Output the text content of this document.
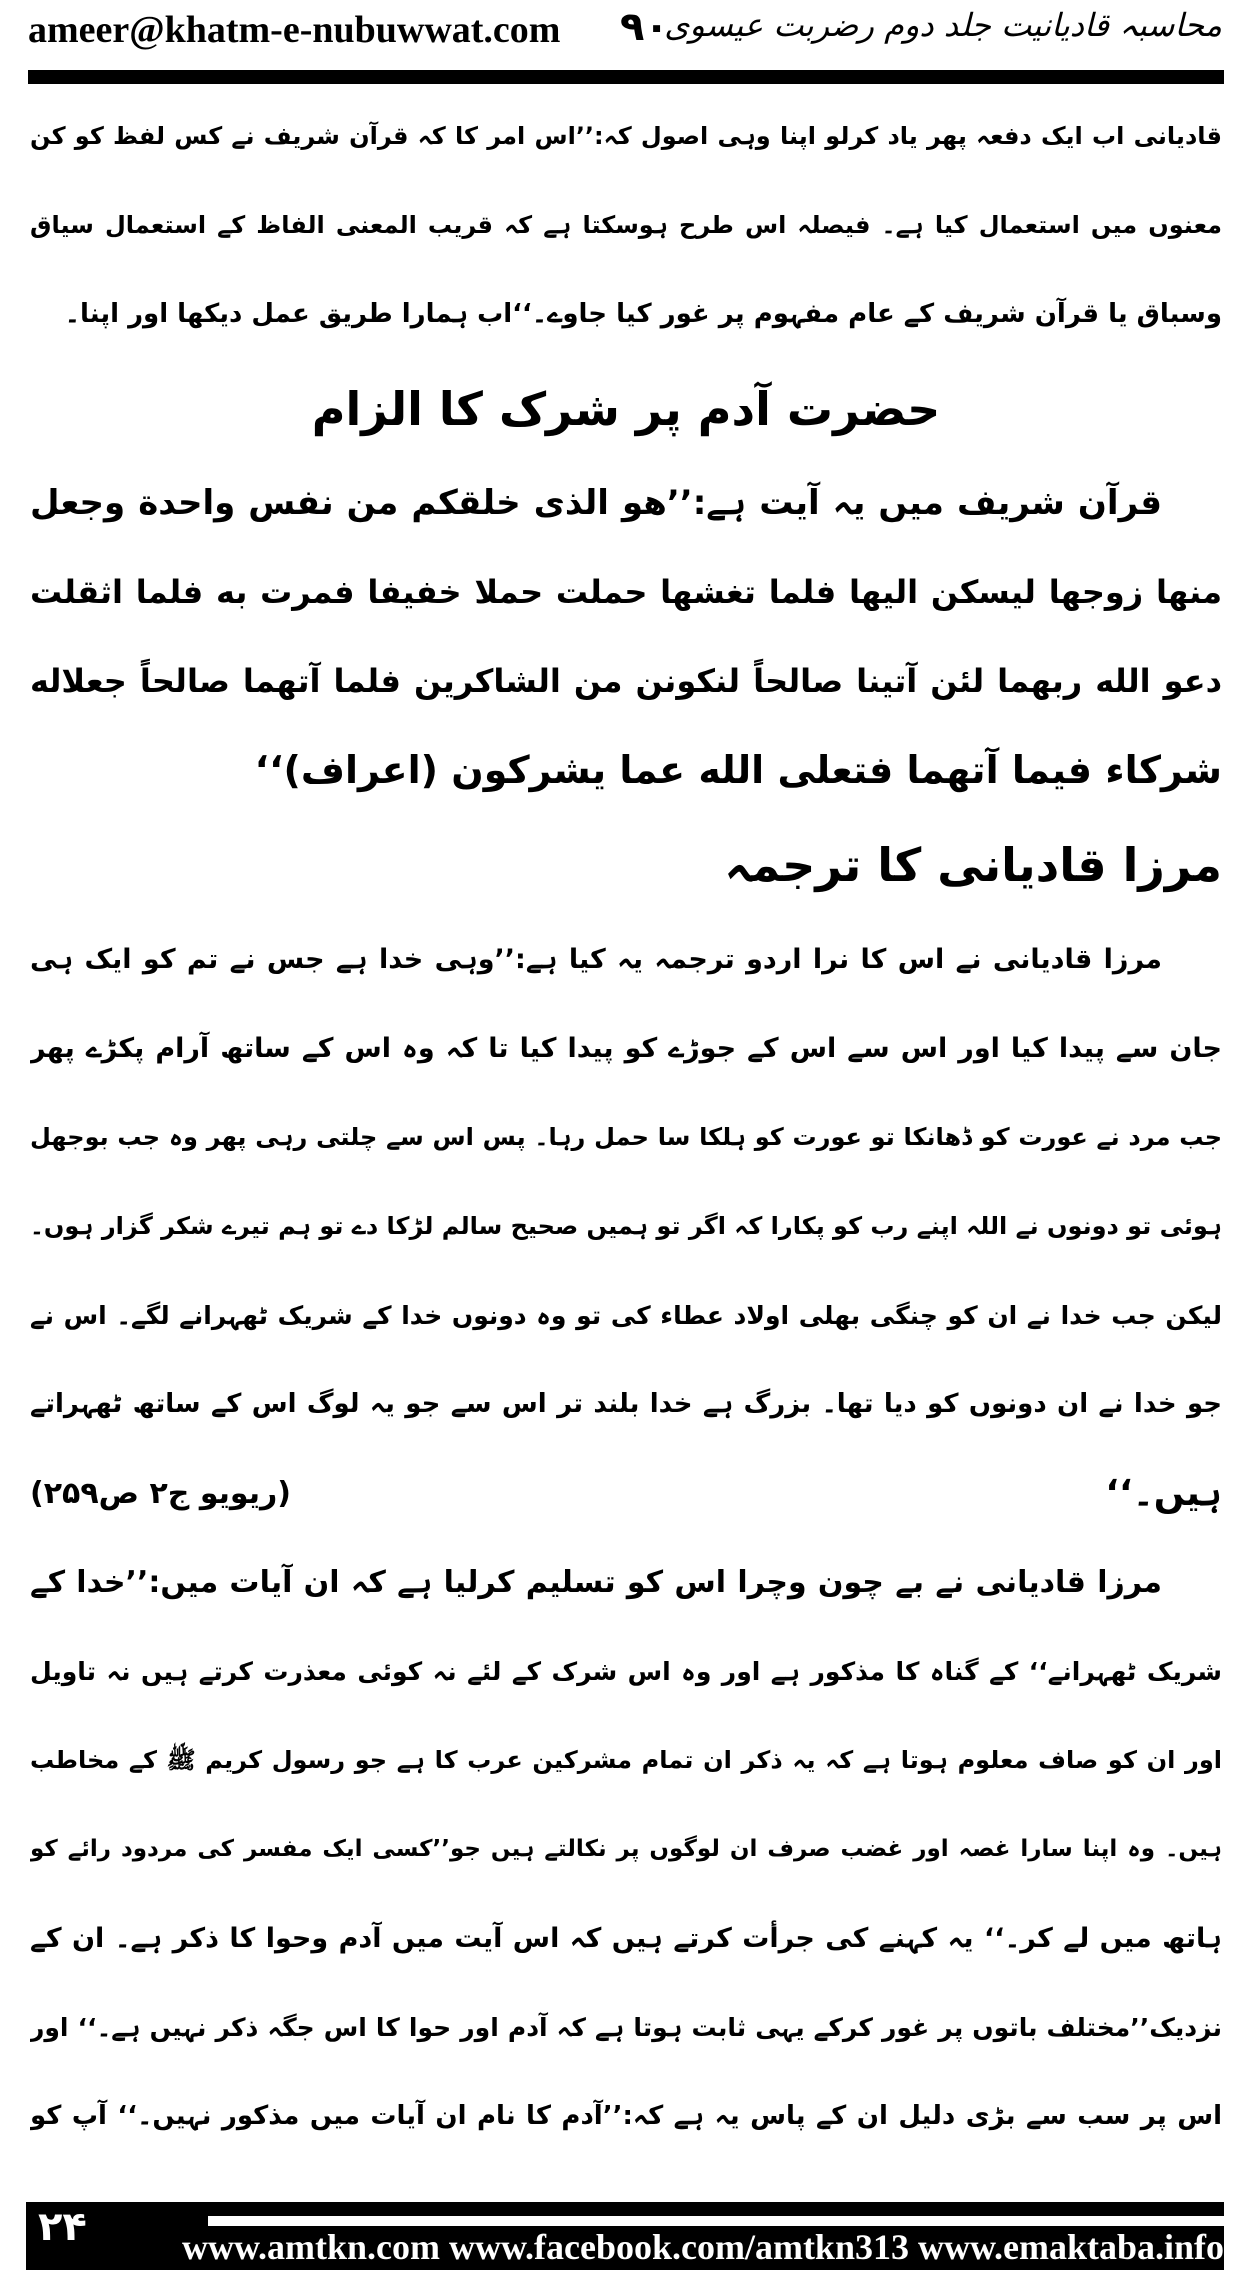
ameer@khatm-e-nubuwwat.com ۹۰
محاسبہ قادیانیت جلد دوم رضربت عیسوی
قادیانی اب ایک دفعہ پھر یاد کرلو اپنا وہی اصول کہ:’’اس امر کا کہ قرآن شریف نے کس لفظ کو کن
معنوں میں استعمال کیا ہے۔ فیصلہ اس طرح ہوسکتا ہے کہ قریب المعنی الفاظ کے استعمال سیاق
وسباق یا قرآن شریف کے عام مفہوم پر غور کیا جاوے۔‘‘اب ہمارا طریق عمل دیکھا اور اپنا۔
حضرت آدم پر شرک کا الزام
قرآن شریف میں یہ آیت ہے:’’هو الذی خلقكم من نفس واحدة وجعل
منها زوجها ليسكن اليها فلما تغشها حملت حملا خفيفا فمرت به فلما اثقلت
دعو الله ربهما لئن آتينا صالحاً لنكونن من الشاكرين فلما آتهما صالحاً جعلاله
شركاء فيما آتهما فتعلى الله عما يشركون (اعراف)‘‘
مرزا قادیانی کا ترجمہ
مرزا قادیانی نے اس کا نرا اردو ترجمہ یہ کیا ہے:’’وہی خدا ہے جس نے تم کو ایک ہی
جان سے پیدا کیا اور اس سے اس کے جوڑے کو پیدا کیا تا کہ وہ اس کے ساتھ آرام پکڑے پھر
جب مرد نے عورت کو ڈھانکا تو عورت کو ہلکا سا حمل رہا۔ پس اس سے چلتی رہی پھر وہ جب بوجھل
ہوئی تو دونوں نے اللہ اپنے رب کو پکارا کہ اگر تو ہمیں صحیح سالم لڑکا دے تو ہم تیرے شکر گزار ہوں۔
لیکن جب خدا نے ان کو چنگی بھلی اولاد عطاء کی تو وہ دونوں خدا کے شریک ٹھہرانے لگے۔ اس نے
جو خدا نے ان دونوں کو دیا تھا۔ بزرگ ہے خدا بلند تر اس سے جو یہ لوگ اس کے ساتھ ٹھہراتے
ہیں۔‘‘
(ریویو ج۲ ص۲۵۹)
مرزا قادیانی نے بے چون وچرا اس کو تسلیم کرلیا ہے کہ ان آیات میں:’’خدا کے
شریک ٹھہرانے‘‘ کے گناہ کا مذکور ہے اور وہ اس شرک کے لئے نہ کوئی معذرت کرتے ہیں نہ تاویل
اور ان کو صاف معلوم ہوتا ہے کہ یہ ذکر ان تمام مشرکین عرب کا ہے جو رسول کریم ﷺ کے مخاطب
ہیں۔ وہ اپنا سارا غصہ اور غضب صرف ان لوگوں پر نکالتے ہیں جو’’کسی ایک مفسر کی مردود رائے کو
ہاتھ میں لے کر۔‘‘ یہ کہنے کی جرأت کرتے ہیں کہ اس آیت میں آدم وحوا کا ذکر ہے۔ ان کے
نزدیک’’مختلف باتوں پر غور کرکے یہی ثابت ہوتا ہے کہ آدم اور حوا کا اس جگہ ذکر نہیں ہے۔‘‘ اور
اس پر سب سے بڑی دلیل ان کے پاس یہ ہے کہ:’’آدم کا نام ان آیات میں مذکور نہیں۔‘‘ آپ کو
۲۴	www.amtkn.com www.facebook.com/amtkn313 www.emaktaba.info
